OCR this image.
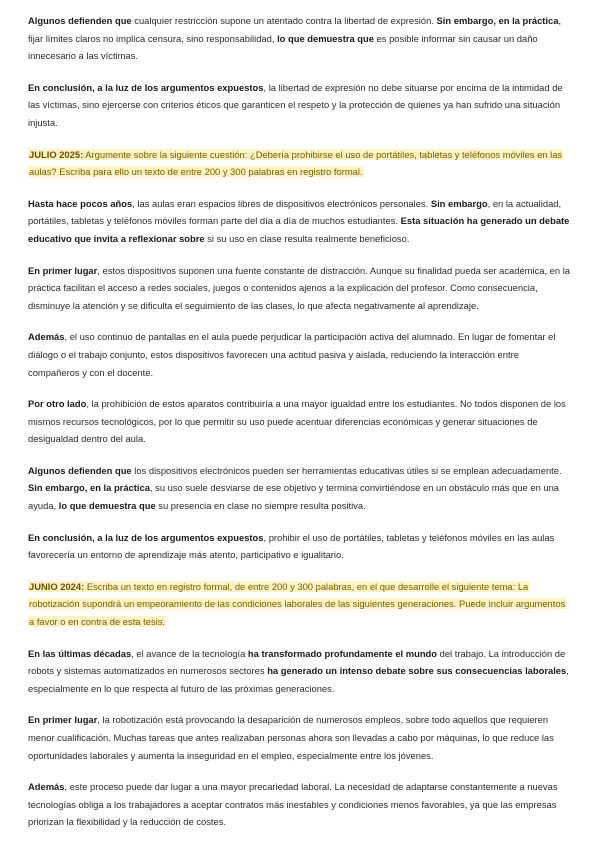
Algunos defienden que cualquier restricción supone un atentado contra la libertad de expresión. Sin embargo, en la práctica, fijar límites claros no implica censura, sino responsabilidad, lo que demuestra que es posible informar sin causar un daño innecesario a las víctimas.

En conclusión, a la luz de los argumentos expuestos, la libertad de expresión no debe situarse por encima de la intimidad de las víctimas, sino ejercerse con criterios éticos que garanticen el respeto y la protección de quienes ya han sufrido una situación injusta.

JULIO 2025: Argumente sobre la siguiente cuestión: ¿Debería prohibirse el uso de portátiles, tabletas y teléfonos móviles en las aulas? Escriba para ello un texto de entre 200 y 300 palabras en registro formal.

Hasta hace pocos años, las aulas eran espacios libres de dispositivos electrónicos personales. Sin embargo, en la actualidad, portátiles, tabletas y teléfonos móviles forman parte del día a día de muchos estudiantes. Esta situación ha generado un debate educativo que invita a reflexionar sobre si su uso en clase resulta realmente beneficioso.

En primer lugar, estos dispositivos suponen una fuente constante de distracción. Aunque su finalidad pueda ser académica, en la práctica facilitan el acceso a redes sociales, juegos o contenidos ajenos a la explicación del profesor. Como consecuencia, disminuye la atención y se dificulta el seguimiento de las clases, lo que afecta negativamente al aprendizaje.

Además, el uso continuo de pantallas en el aula puede perjudicar la participación activa del alumnado. En lugar de fomentar el diálogo o el trabajo conjunto, estos dispositivos favorecen una actitud pasiva y aislada, reduciendo la interacción entre compañeros y con el docente.

Por otro lado, la prohibición de estos aparatos contribuiría a una mayor igualdad entre los estudiantes. No todos disponen de los mismos recursos tecnológicos, por lo que permitir su uso puede acentuar diferencias económicas y generar situaciones de desigualdad dentro del aula.

Algunos defienden que los dispositivos electrónicos pueden ser herramientas educativas útiles si se emplean adecuadamente. Sin embargo, en la práctica, su uso suele desviarse de ese objetivo y termina convirtiéndose en un obstáculo más que en una ayuda, lo que demuestra que su presencia en clase no siempre resulta positiva.

En conclusión, a la luz de los argumentos expuestos, prohibir el uso de portátiles, tabletas y teléfonos móviles en las aulas favorecería un entorno de aprendizaje más atento, participativo e igualitario.

JUNIO 2024: Escriba un texto en registro formal, de entre 200 y 300 palabras, en el que desarrolle el siguiente tema: La robotización supondrá un empeoramiento de las condiciones laborales de las siguientes generaciones. Puede incluir argumentos a favor o en contra de esta tesis.

En las últimas décadas, el avance de la tecnología ha transformado profundamente el mundo del trabajo. La introducción de robots y sistemas automatizados en numerosos sectores ha generado un intenso debate sobre sus consecuencias laborales, especialmente en lo que respecta al futuro de las próximas generaciones.

En primer lugar, la robotización está provocando la desaparición de numerosos empleos, sobre todo aquellos que requieren menor cualificación. Muchas tareas que antes realizaban personas ahora son llevadas a cabo por máquinas, lo que reduce las oportunidades laborales y aumenta la inseguridad en el empleo, especialmente entre los jóvenes.

Además, este proceso puede dar lugar a una mayor precariedad laboral. La necesidad de adaptarse constantemente a nuevas tecnologías obliga a los trabajadores a aceptar contratos más inestables y condiciones menos favorables, ya que las empresas priorizan la flexibilidad y la reducción de costes.
